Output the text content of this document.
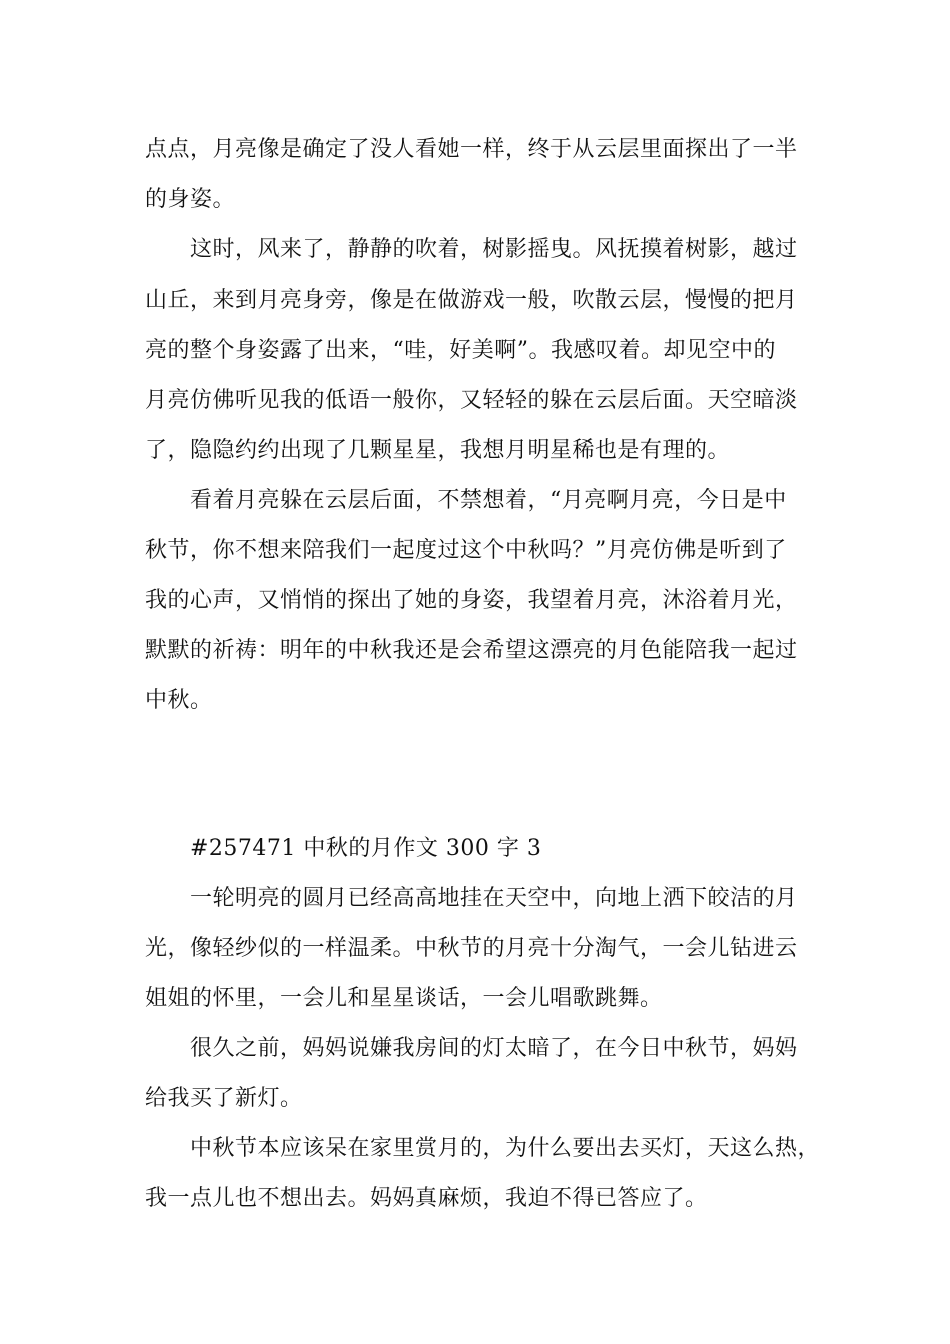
点点，月亮像是确定了没人看她一样，终于从云层里面探出了一半
的身姿。
这时，风来了，静静的吹着，树影摇曳。风抚摸着树影，越过
山丘，来到月亮身旁，像是在做游戏一般，吹散云层，慢慢的把月
亮的整个身姿露了出来，“哇，好美啊”。我感叹着。却见空中的
月亮仿佛听见我的低语一般你，又轻轻的躲在云层后面。天空暗淡
了，隐隐约约出现了几颗星星，我想月明星稀也是有理的。
看着月亮躲在云层后面，不禁想着，“月亮啊月亮，今日是中
秋节，你不想来陪我们一起度过这个中秋吗？”月亮仿佛是听到了
我的心声，又悄悄的探出了她的身姿，我望着月亮，沐浴着月光，
默默的祈祷：明年的中秋我还是会希望这漂亮的月色能陪我一起过
中秋。
#257471 中秋的月作文 300 字 3
一轮明亮的圆月已经高高地挂在天空中，向地上洒下皎洁的月
光，像轻纱似的一样温柔。中秋节的月亮十分淘气，一会儿钻进云
姐姐的怀里，一会儿和星星谈话，一会儿唱歌跳舞。
很久之前，妈妈说嫌我房间的灯太暗了，在今日中秋节，妈妈
给我买了新灯。
中秋节本应该呆在家里赏月的，为什么要出去买灯，天这么热，
我一点儿也不想出去。妈妈真麻烦，我迫不得已答应了。
